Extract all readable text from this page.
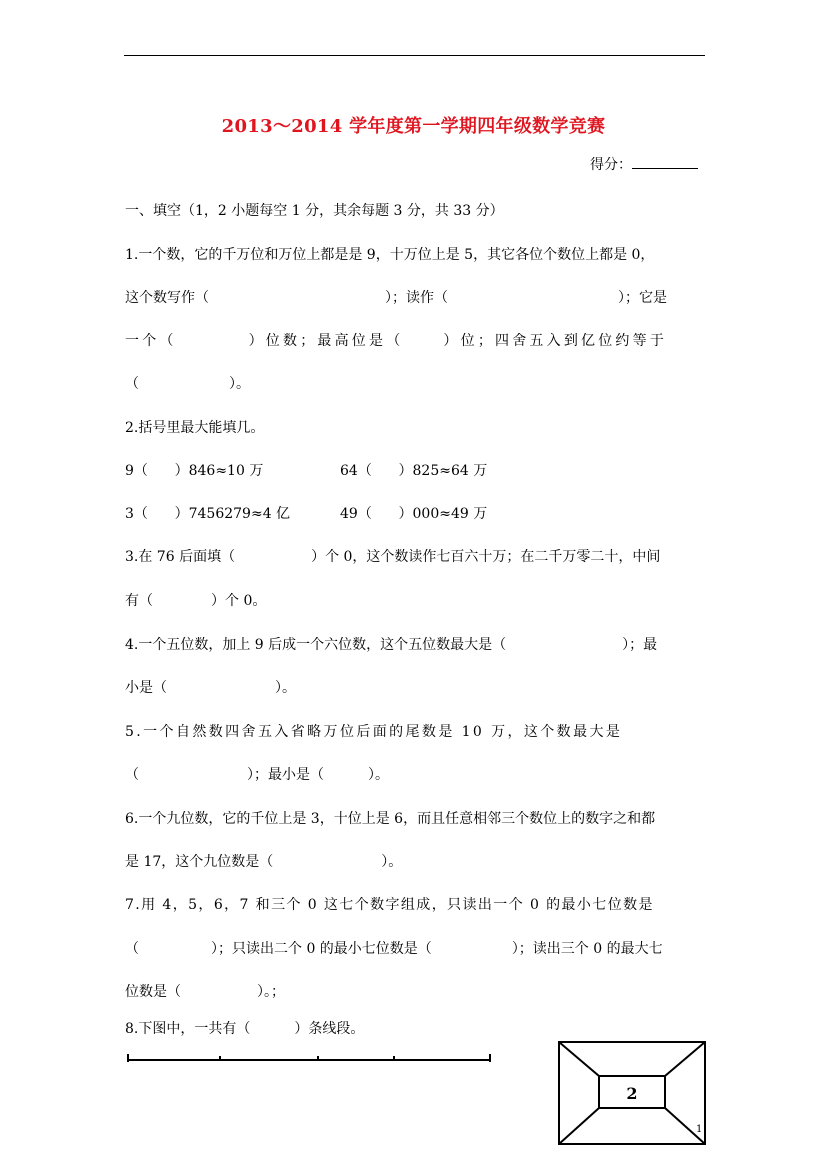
2013～2014 学年度第一学期四年级数学竞赛
得分：
一、填空（1，2 小题每空 1 分，其余每题 3 分，共 33 分）
1.一个数，它的千万位和万位上都是是 9，十万位上是 5，其它各位个数位上都是 0，
这个数写作（	）；读作（	）；它是
一个（	）位数；最高位是（	）位；四舍五入到亿位约等于
（	）。
2.括号里最大能填几。
9（      ）846≈10 万	64（      ）825≈64 万
3（      ）7456279≈4 亿	49（      ）000≈49 万
3.在 76 后面填（	）个 0，这个数读作七百六十万；在二千万零二十，中间
有（	）个 0。
4.一个五位数，加上 9 后成一个六位数，这个五位数最大是（	）；最
小是（	）。
5.一个自然数四舍五入省略万位后面的尾数是 10 万，这个数最大是
（	）；最小是（	）。
6.一个九位数，它的千位上是 3，十位上是 6，而且任意相邻三个数位上的数字之和都
是 17，这个九位数是（	）。
7.用 4，5，6，7 和三个 0 这七个数字组成，只读出一个 0 的最小七位数是
（	）；只读出二个 0 的最小七位数是（	）；读出三个 0 的最大七
位数是（	）。；
8.下图中，一共有（	）条线段。
2
1
